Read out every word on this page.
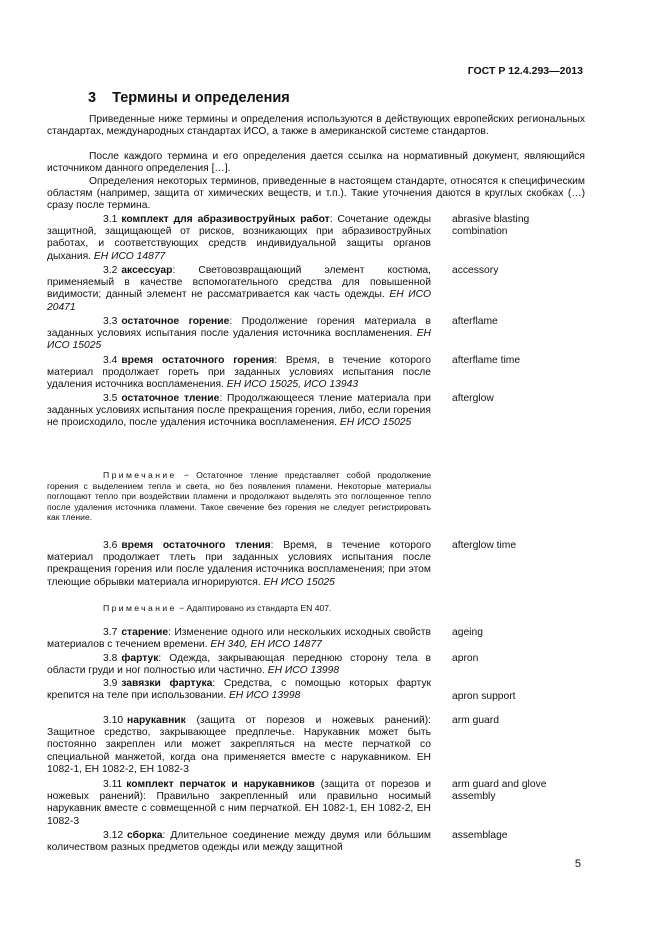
ГОСТ Р 12.4.293—2013
3 Термины и определения
Приведенные ниже термины и определения используются в действующих европейских региональных стандартах, международных стандартах ИСО, а также в американской системе стандартов.
После каждого термина и его определения дается ссылка на нормативный документ, являющийся источником данного определения […].
Определения некоторых терминов, приведенные в настоящем стандарте, относятся к специфическим областям (например, защита от химических веществ, и т.п.). Такие уточнения даются в круглых скобках (…) сразу после термина.
3.1 комплект для абразивоструйных работ: Сочетание одежды защитной, защищающей от рисков, возникающих при абразивоструйных работах, и соответствующих средств индивидуальной защиты органов дыхания. ЕН ИСО 14877
abrasive blasting combination
3.2 аксессуар: Световозвращающий элемент костюма, применяемый в качестве вспомогательного средства для повышенной видимости; данный элемент не рассматривается как часть одежды. ЕН ИСО 20471
accessory
3.3 остаточное горение: Продолжение горения материала в заданных условиях испытания после удаления источника воспламенения. ЕН ИСО 15025
afterflame
3.4 время остаточного горения: Время, в течение которого материал продолжает гореть при заданных условиях испытания после удаления источника воспламенения. ЕН ИСО 15025, ИСО 13943
afterflame time
3.5 остаточное тление: Продолжающееся тление материала при заданных условиях испытания после прекращения горения, либо, если горения не происходило, после удаления источника воспламенения. ЕН ИСО 15025
afterglow
Примечание − Остаточное тление представляет собой продолжение горения с выделением тепла и света, но без появления пламени. Некоторые материалы поглощают тепло при воздействии пламени и продолжают выделять это поглощенное тепло после удаления источника пламени. Такое свечение без горения не следует регистрировать как тление.
3.6 время остаточного тления: Время, в течение которого материал продолжает тлеть при заданных условиях испытания после прекращения горения или после удаления источника воспламенения; при этом тлеющие обрывки материала игнорируются. ЕН ИСО 15025
afterglow time
Примечание − Адаптировано из стандарта EN 407.
3.7 старение: Изменение одного или нескольких исходных свойств материалов с течением времени. ЕН 340, ЕН ИСО 14877
ageing
3.8 фартук: Одежда, закрывающая переднюю сторону тела в области груди и ног полностью или частично. ЕН ИСО 13998
apron
3.9 завязки фартука: Средства, с помощью которых фартук крепится на теле при использовании. ЕН ИСО 13998	apron support
3.10 нарукавник (защита от порезов и ножевых ранений): Защитное средство, закрывающее предплечье. Нарукавник может быть постоянно закреплен или может закрепляться на месте перчаткой со специальной манжетой, когда она применяется вместе с нарукавником. ЕН 1082-1, ЕН 1082-2, ЕН 1082-3
arm guard
3.11 комплект перчаток и нарукавников (защита от порезов и ножевых ранений): Правильно закрепленный или правильно носимый нарукавник вместе с совмещенной с ним перчаткой. ЕН 1082-1, ЕН 1082-2, ЕН 1082-3
arm guard and glove assembly
3.12 сборка: Длительное соединение между двумя или бóльшим количеством разных предметов одежды или между защитной
assemblage
5
